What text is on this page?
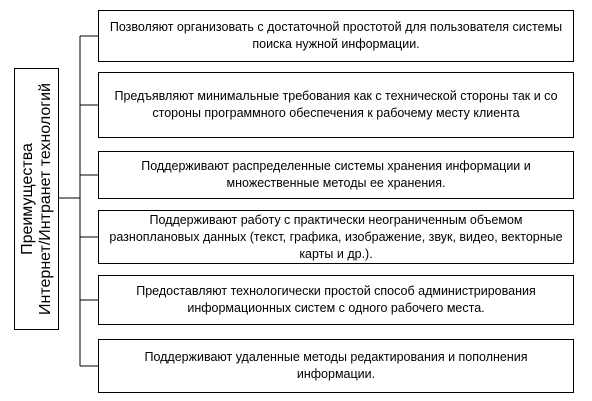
Преимущества Интернет/Интранет технологий
Позволяют организовать с достаточной простотой для пользователя системы поиска нужной информации.
Предъявляют минимальные требования как с технической стороны так и со стороны программного обеспечения к рабочему месту клиента
Поддерживают распределенные системы хранения информации и множественные методы ее хранения.
Поддерживают работу с практически неограниченным объемом разноплановых данных (текст, графика, изображение, звук, видео, векторные карты и др.).
Предоставляют технологически простой способ администрирования информационных систем с одного рабочего места.
Поддерживают удаленные методы редактирования и пополнения информации.
